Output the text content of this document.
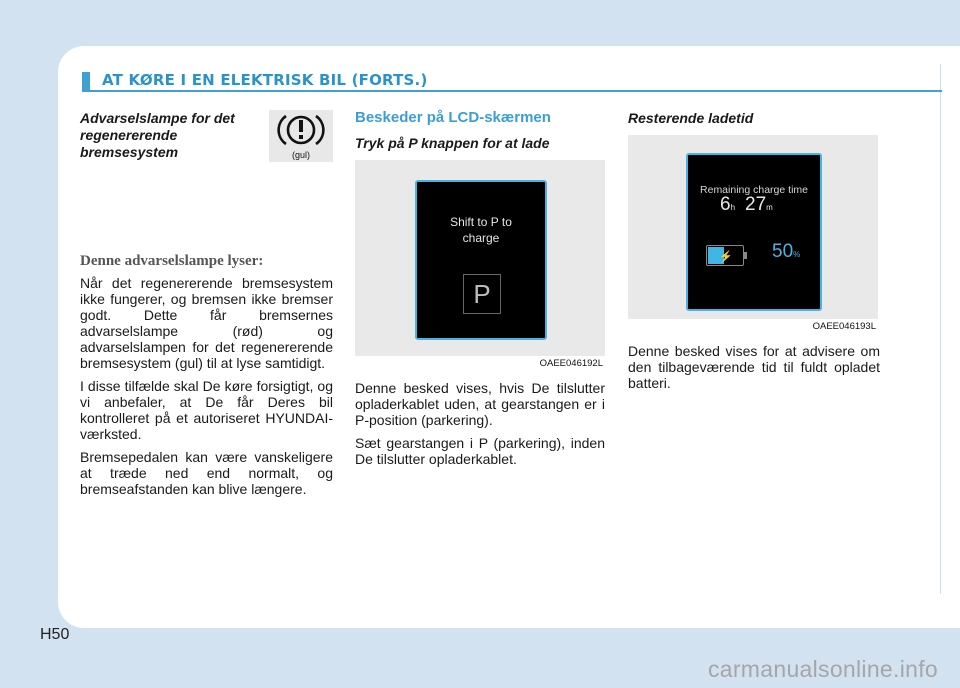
AT KØRE I EN ELEKTRISK BIL (FORTS.)
Advarselslampe for det regenererende bremsesystem	(gul)

Denne advarselslampe lyser:

Når det regenererende bremsesystem ikke fungerer, og bremsen ikke bremser godt. Dette får bremsernes advarselslampe (rød) og advarselslampen for det regenererende bremsesystem (gul) til at lyse samtidigt.

I disse tilfælde skal De køre forsigtigt, og vi anbefaler, at De får Deres bil kontrolleret på et autoriseret HYUNDAI-værksted.

Bremsepedalen kan være vanskeligere at træde ned end normalt, og bremseafstanden kan blive længere.

Beskeder på LCD-skærmen

Tryk på P knappen for at lade

Shift to P to
charge
P
OAEE046192L

Denne besked vises, hvis De tilslutter opladerkablet uden, at gearstangen er i P-position (parkering).

Sæt gearstangen i P (parkering), inden De tilslutter opladerkablet.

Resterende ladetid

Remaining charge time
6h 27m
⚡ 50%
OAEE046193L

Denne besked vises for at advisere om den tilbageværende tid til fuldt opladet batteri.

H50
carmanualsonline.info
